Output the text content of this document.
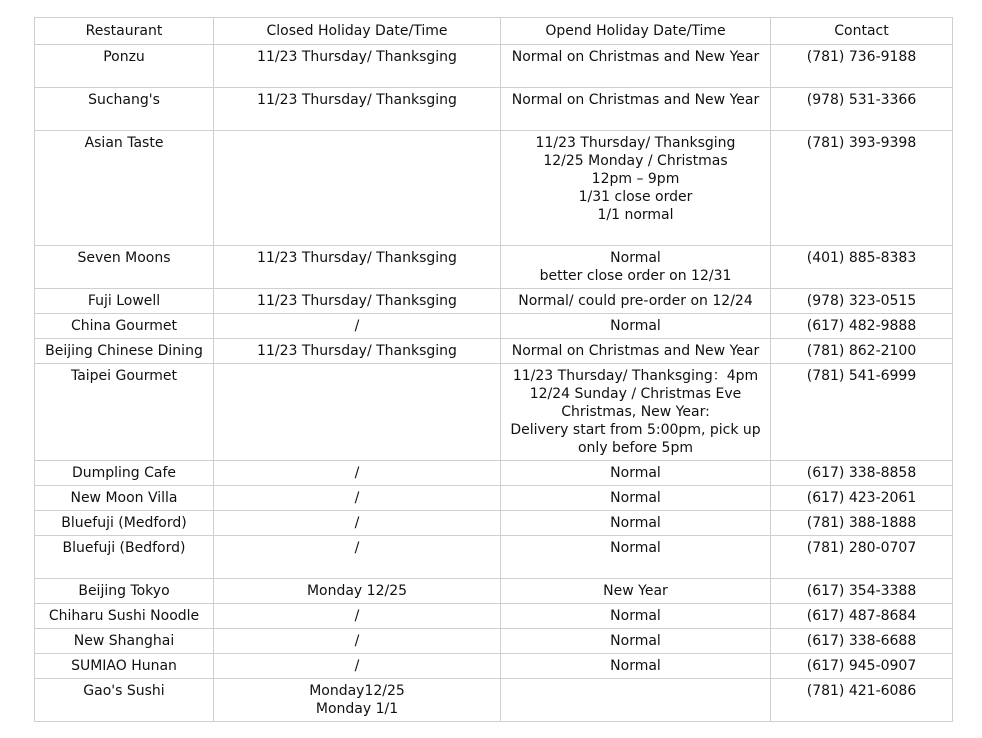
Restaurant	Closed Holiday Date/Time	Opend Holiday Date/Time	Contact
Ponzu	11/23 Thursday/ Thanksging	Normal on Christmas and New Year	(781) 736-9188
Suchang's	11/23 Thursday/ Thanksging	Normal on Christmas and New Year	(978) 531-3366
Asian Taste		11/23 Thursday/ Thanksging
12/25 Monday / Christmas
12pm – 9pm
1/31 close order
1/1 normal	(781) 393-9398
Seven Moons	11/23 Thursday/ Thanksging	Normal
better close order on 12/31	(401) 885-8383
Fuji Lowell	11/23 Thursday/ Thanksging	Normal/ could pre-order on 12/24	(978) 323-0515
China Gourmet	/	Normal	(617) 482-9888
Beijing Chinese Dining	11/23 Thursday/ Thanksging	Normal on Christmas and New Year	(781) 862-2100
Taipei Gourmet		11/23 Thursday/ Thanksging：4pm
12/24 Sunday / Christmas Eve
Christmas, New Year:
Delivery start from 5:00pm, pick up
only before 5pm	(781) 541-6999
Dumpling Cafe	/	Normal	(617) 338-8858
New Moon Villa	/	Normal	(617) 423-2061
Bluefuji (Medford)	/	Normal	(781) 388-1888
Bluefuji (Bedford)	/	Normal	(781) 280-0707
Beijing Tokyo	Monday 12/25	New Year	(617) 354-3388
Chiharu Sushi Noodle	/	Normal	(617) 487-8684
New Shanghai	/	Normal	(617) 338-6688
SUMIAO Hunan	/	Normal	(617) 945-0907
Gao's Sushi	Monday12/25
Monday 1/1		(781) 421-6086
